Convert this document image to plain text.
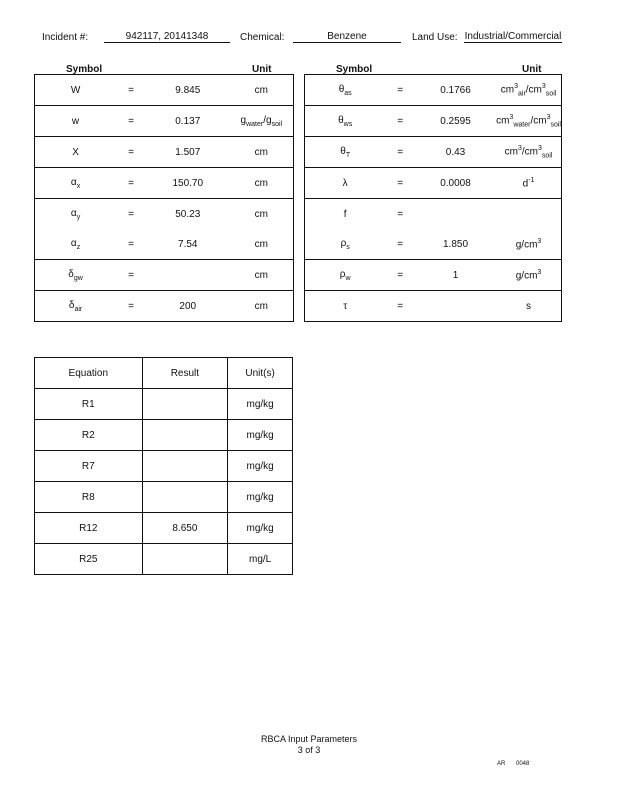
Incident #:	942117, 20141348	Chemical:	Benzene	Land Use: Industrial/Commercial
Symbol	Unit	Symbol	Unit
W	=	9.845	cm
w	=	0.137	$g_{water}/g_{soil}$
X	=	1.507	cm
$\alpha_x$	=	150.70	cm
$\alpha_y$	=	50.23	cm
$\alpha_z$	=	7.54	cm
$\delta_{gw}$	=		cm
$\delta_{air}$	=	200	cm
$\theta_{as}$	=	0.1766	$cm^3_{air}/cm^3_{soil}$
$\theta_{ws}$	=	0.2595	$cm^3_{water}/cm^3_{soil}$
$\theta_T$	=	0.43	$cm^3/cm^3_{soil}$
λ	=	0.0008	$d^{-1}$
f	=		
$\rho_s$	=	1.850	$g/cm^3$
$\rho_w$	=	1	$g/cm^3$
τ	=		s
Equation	Result	Unit(s)
R1		mg/kg
R2		mg/kg
R7		mg/kg
R8		mg/kg
R12	8.650	mg/kg
R25		mg/L
RBCA Input Parameters
3 of 3
AR 0048
